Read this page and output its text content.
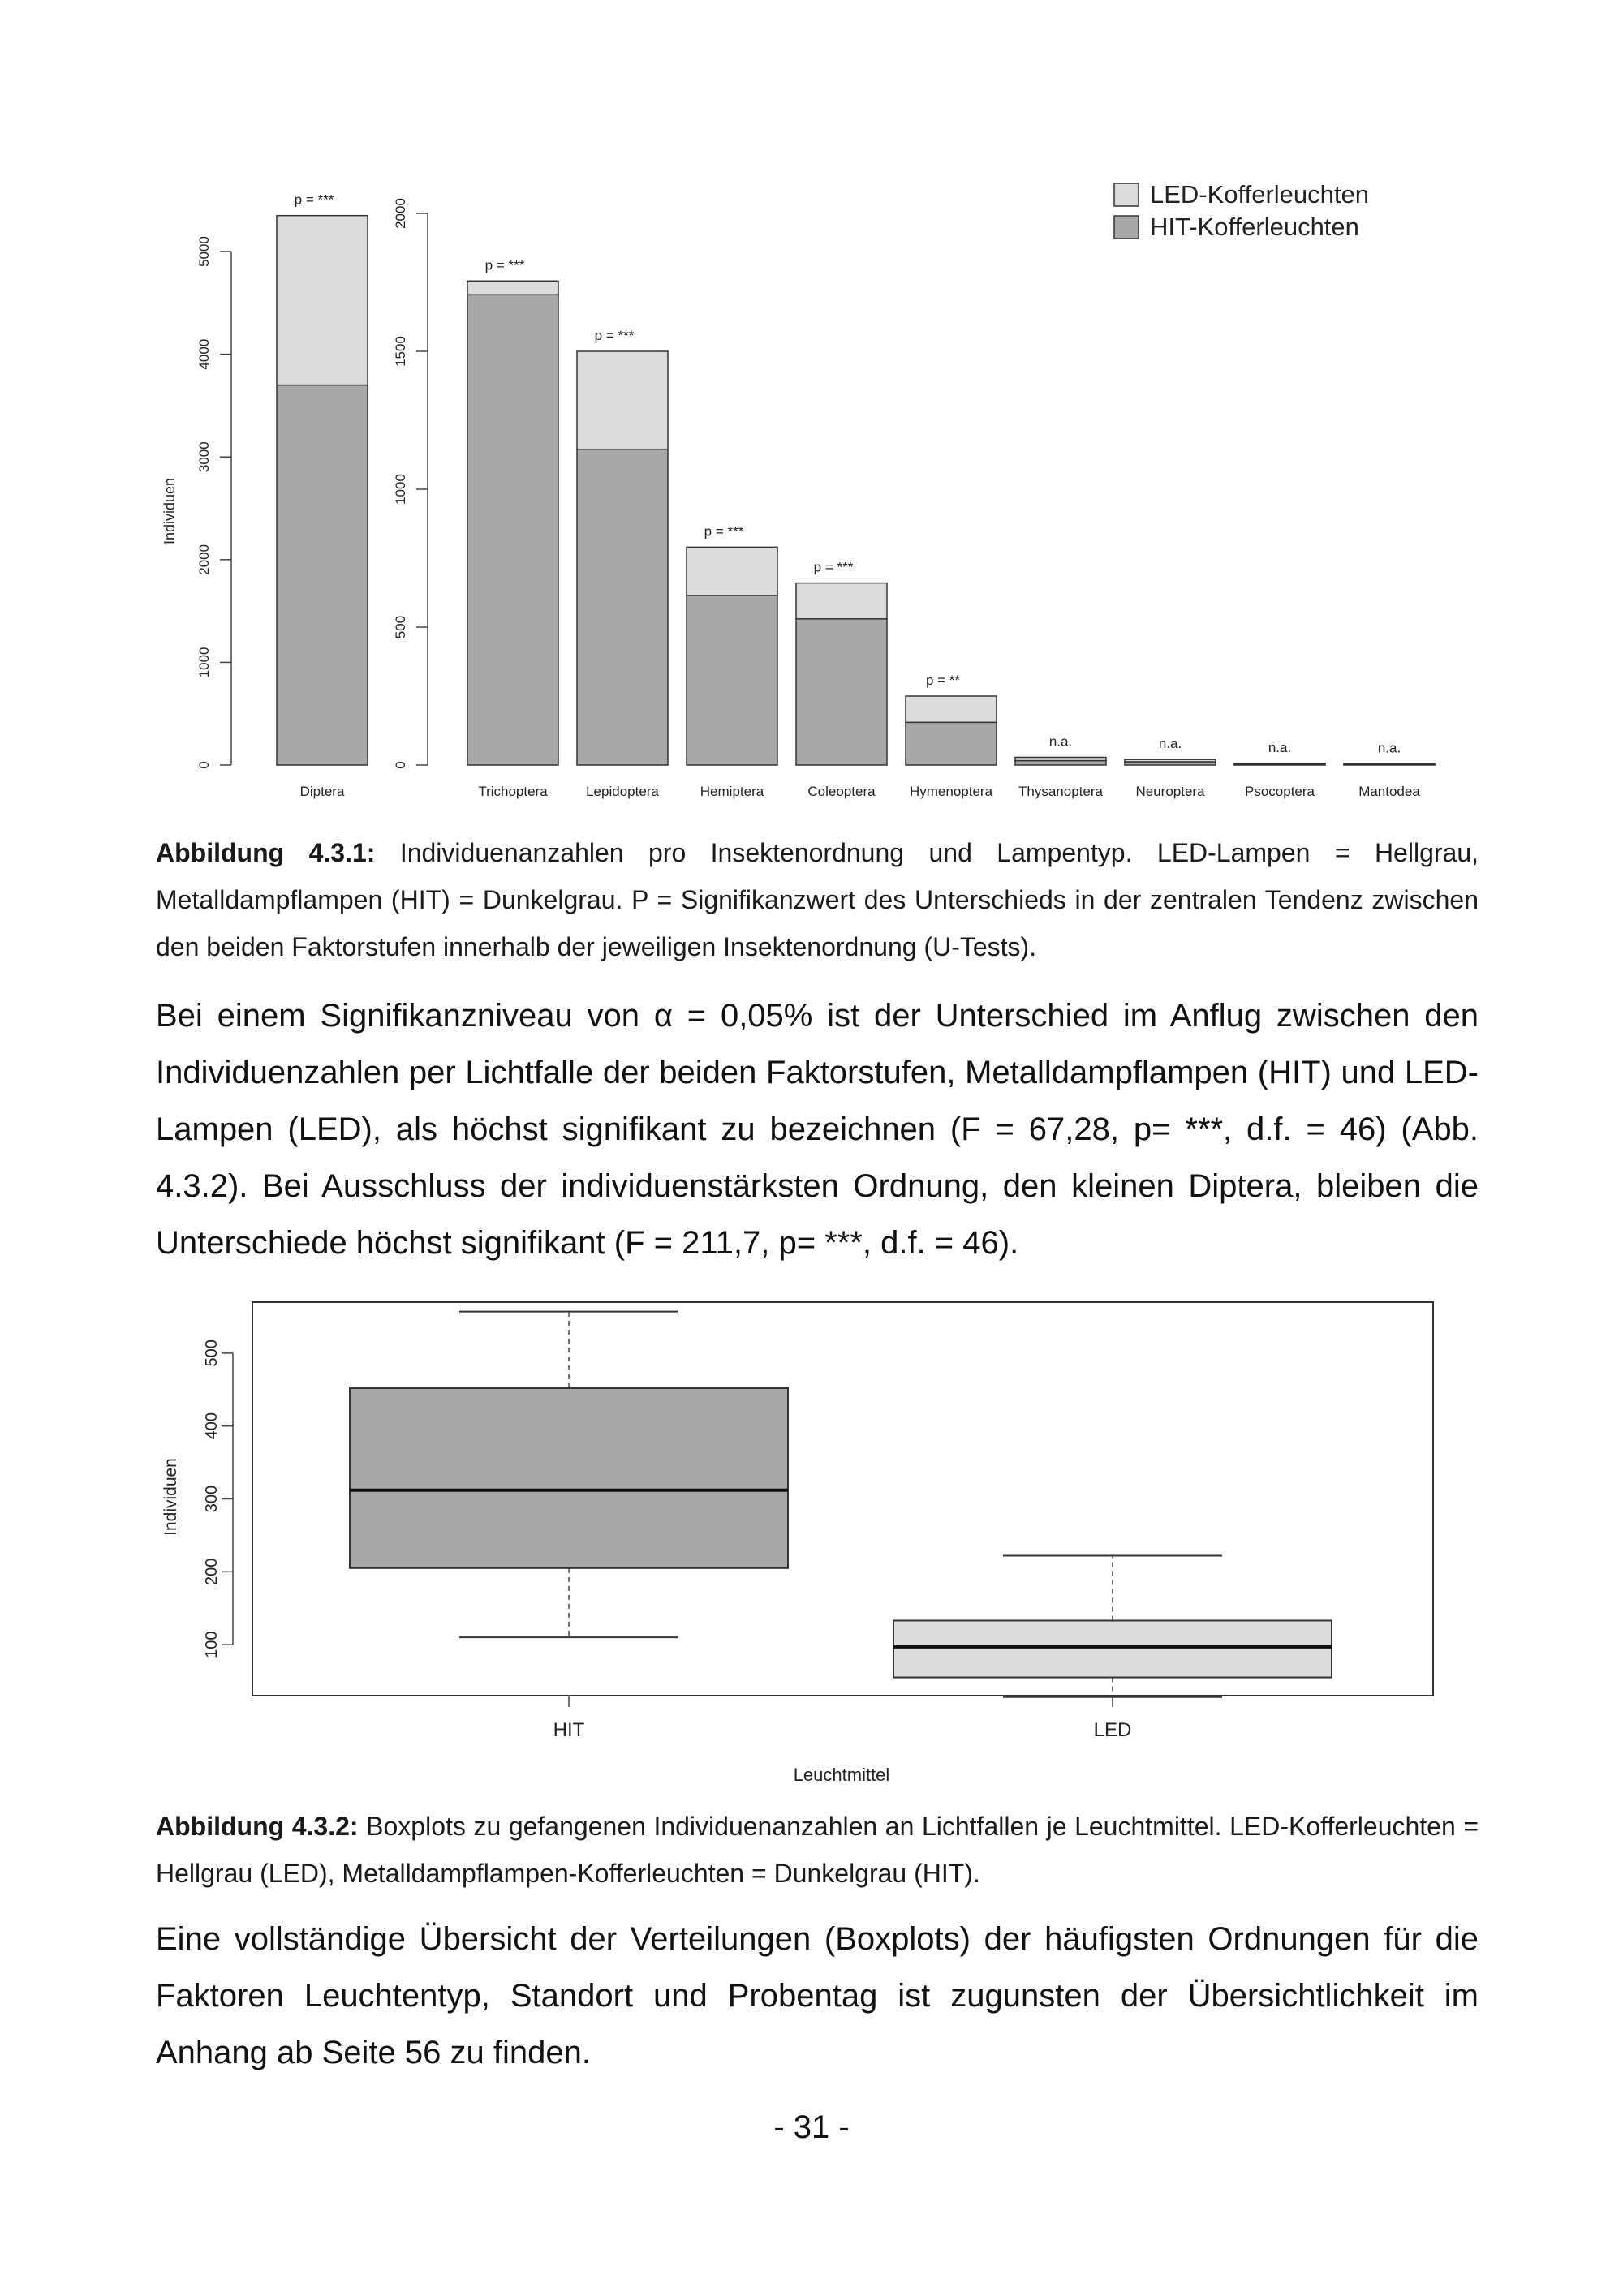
0
1000
2000
3000
4000
5000
0
500
1000
1500
2000
Individuen
p = ***
Diptera
p = ***
Trichoptera
p = ***
Lepidoptera
p = ***
Hemiptera
p = ***
Coleoptera
p = **
Hymenoptera
n.a.
Thysanoptera
n.a.
Neuroptera
n.a.
Psocoptera
n.a.
Mantodea
LED-Kofferleuchten
HIT-Kofferleuchten
Abbildung 4.3.1: Individuenanzahlen pro Insektenordnung und Lampentyp. LED-Lampen = Hellgrau, Metalldampflampen (HIT) = Dunkelgrau. P = Signifikanzwert des Unterschieds in der zentralen Tendenz zwischen den beiden Faktorstufen innerhalb der jeweiligen Insektenordnung (U-Tests).
Bei einem Signifikanzniveau von α = 0,05% ist der Unterschied im Anflug zwischen den Individuenzahlen per Lichtfalle der beiden Faktorstufen, Metalldampflampen (HIT) und LED-Lampen (LED), als höchst signifikant zu bezeichnen (F = 67,28, p= ***, d.f. = 46) (Abb. 4.3.2). Bei Ausschluss der individuenstärksten Ordnung, den kleinen Diptera, bleiben die Unterschiede höchst signifikant (F = 211,7, p= ***, d.f. = 46).
100
200
300
400
500
Individuen
HIT	LED
Leuchtmittel
Abbildung 4.3.2: Boxplots zu gefangenen Individuenanzahlen an Lichtfallen je Leuchtmittel. LED-Kofferleuchten = Hellgrau (LED), Metalldampflampen-Kofferleuchten = Dunkelgrau (HIT).
Eine vollständige Übersicht der Verteilungen (Boxplots) der häufigsten Ordnungen für die Faktoren Leuchtentyp, Standort und Probentag ist zugunsten der Übersichtlichkeit im Anhang ab Seite 56 zu finden.
- 31 -
